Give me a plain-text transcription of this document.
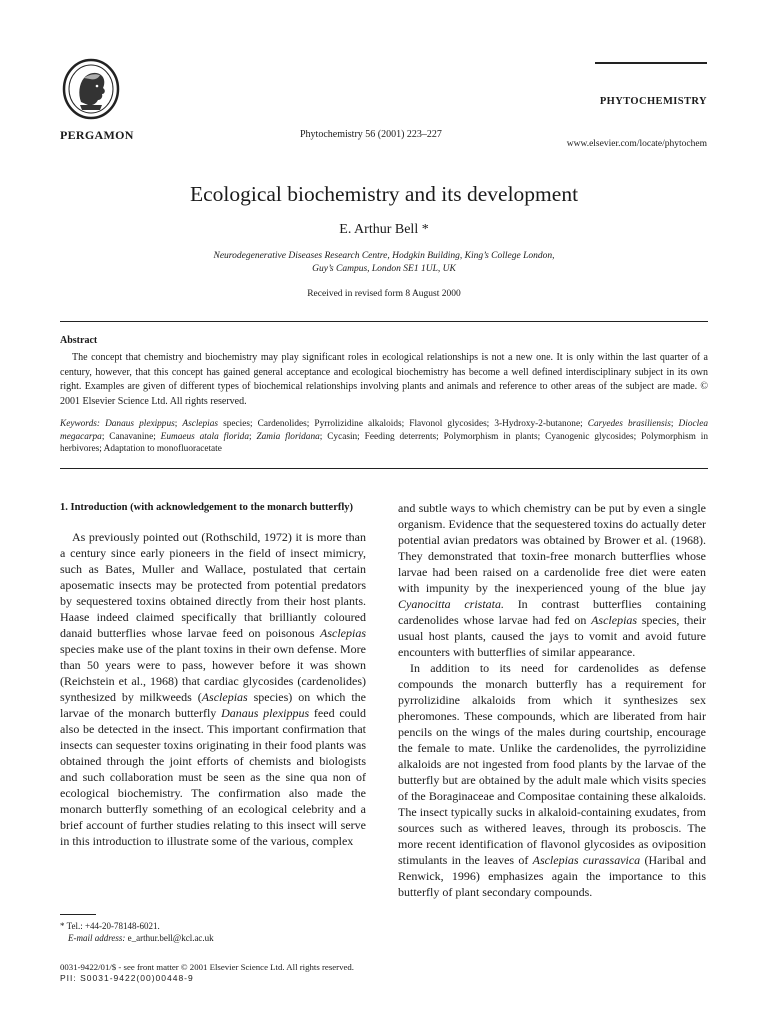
PERGAMON	Phytochemistry 56 (2001) 223–227
PHYTOCHEMISTRY
www.elsevier.com/locate/phytochem
Ecological biochemistry and its development
E. Arthur Bell *
Neurodegenerative Diseases Research Centre, Hodgkin Building, King’s College London,
Guy’s Campus, London SE1 1UL, UK
Received in revised form 8 August 2000
Abstract
The concept that chemistry and biochemistry may play significant roles in ecological relationships is not a new one. It is only within the last quarter of a century, however, that this concept has gained general acceptance and ecological biochemistry has become a well defined interdisciplinary subject in its own right. Examples are given of different types of biochemical relationships involving plants and animals and reference to other areas of the subject are made. © 2001 Elsevier Science Ltd. All rights reserved.
Keywords: Danaus plexippus; Asclepias species; Cardenolides; Pyrrolizidine alkaloids; Flavonol glycosides; 3-Hydroxy-2-butanone; Caryedes brasiliensis; Dioclea megacarpa; Canavanine; Eumaeus atala florida; Zamia floridana; Cycasin; Feeding deterrents; Polymorphism in plants; Cyanogenic glycosides; Polymorphism in herbivores; Adaptation to monofluoracetate

1. Introduction (with acknowledgement to the monarch butterfly)

As previously pointed out (Rothschild, 1972) it is more than a century since early pioneers in the field of insect mimicry, such as Bates, Muller and Wallace, postulated that certain aposematic insects may be protected from potential predators by sequestered toxins obtained directly from their host plants. Haase indeed claimed specifically that brilliantly coloured danaid butterflies whose larvae feed on poisonous Asclepias species make use of the plant toxins in their own defense. More than 50 years were to pass, however before it was shown (Reichstein et al., 1968) that cardiac glycosides (cardenolides) synthesized by milkweeds (Asclepias species) on which the larvae of the monarch butterfly Danaus plexippus feed could also be detected in the insect. This important confirmation that insects can sequester toxins originating in their food plants was obtained through the joint efforts of chemists and biologists and such collaboration must be seen as the sine qua non of ecological biochemistry. The confirmation also made the monarch butterfly something of an ecological celebrity and a brief account of further studies relating to this insect will serve in this introduction to illustrate some of the various, complex

and subtle ways to which chemistry can be put by even a single organism. Evidence that the sequestered toxins do actually deter potential avian predators was obtained by Brower et al. (1968). They demonstrated that toxin-free monarch butterflies whose larvae had been raised on a cardenolide free diet were eaten with impunity by the inexperienced young of the blue jay Cyanocitta cristata. In contrast butterflies containing cardenolides whose larvae had fed on Asclepias species, their usual host plants, caused the jays to vomit and avoid future encounters with butterflies of similar appearance.

In addition to its need for cardenolides as defense compounds the monarch butterfly has a requirement for pyrrolizidine alkaloids from which it synthesizes sex pheromones. These compounds, which are liberated from hair pencils on the wings of the males during courtship, encourage the female to mate. Unlike the cardenolides, the pyrrolizidine alkaloids are not ingested from food plants by the larvae of the butterfly but are obtained by the adult male which visits species of the Boraginaceae and Compositae containing these alkaloids. The insect typically sucks in alkaloid-containing exudates, from sources such as withered leaves, through its proboscis. The more recent identification of flavonol glycosides as oviposition stimulants in the leaves of Asclepias curassavica (Haribal and Renwick, 1996) emphasizes again the importance to this butterfly of plant secondary compounds.

* Tel.: +44-20-78148-6021.
E-mail address: e_arthur.bell@kcl.ac.uk
0031-9422/01/$ - see front matter © 2001 Elsevier Science Ltd. All rights reserved.
PII: S0031-9422(00)00448-9
